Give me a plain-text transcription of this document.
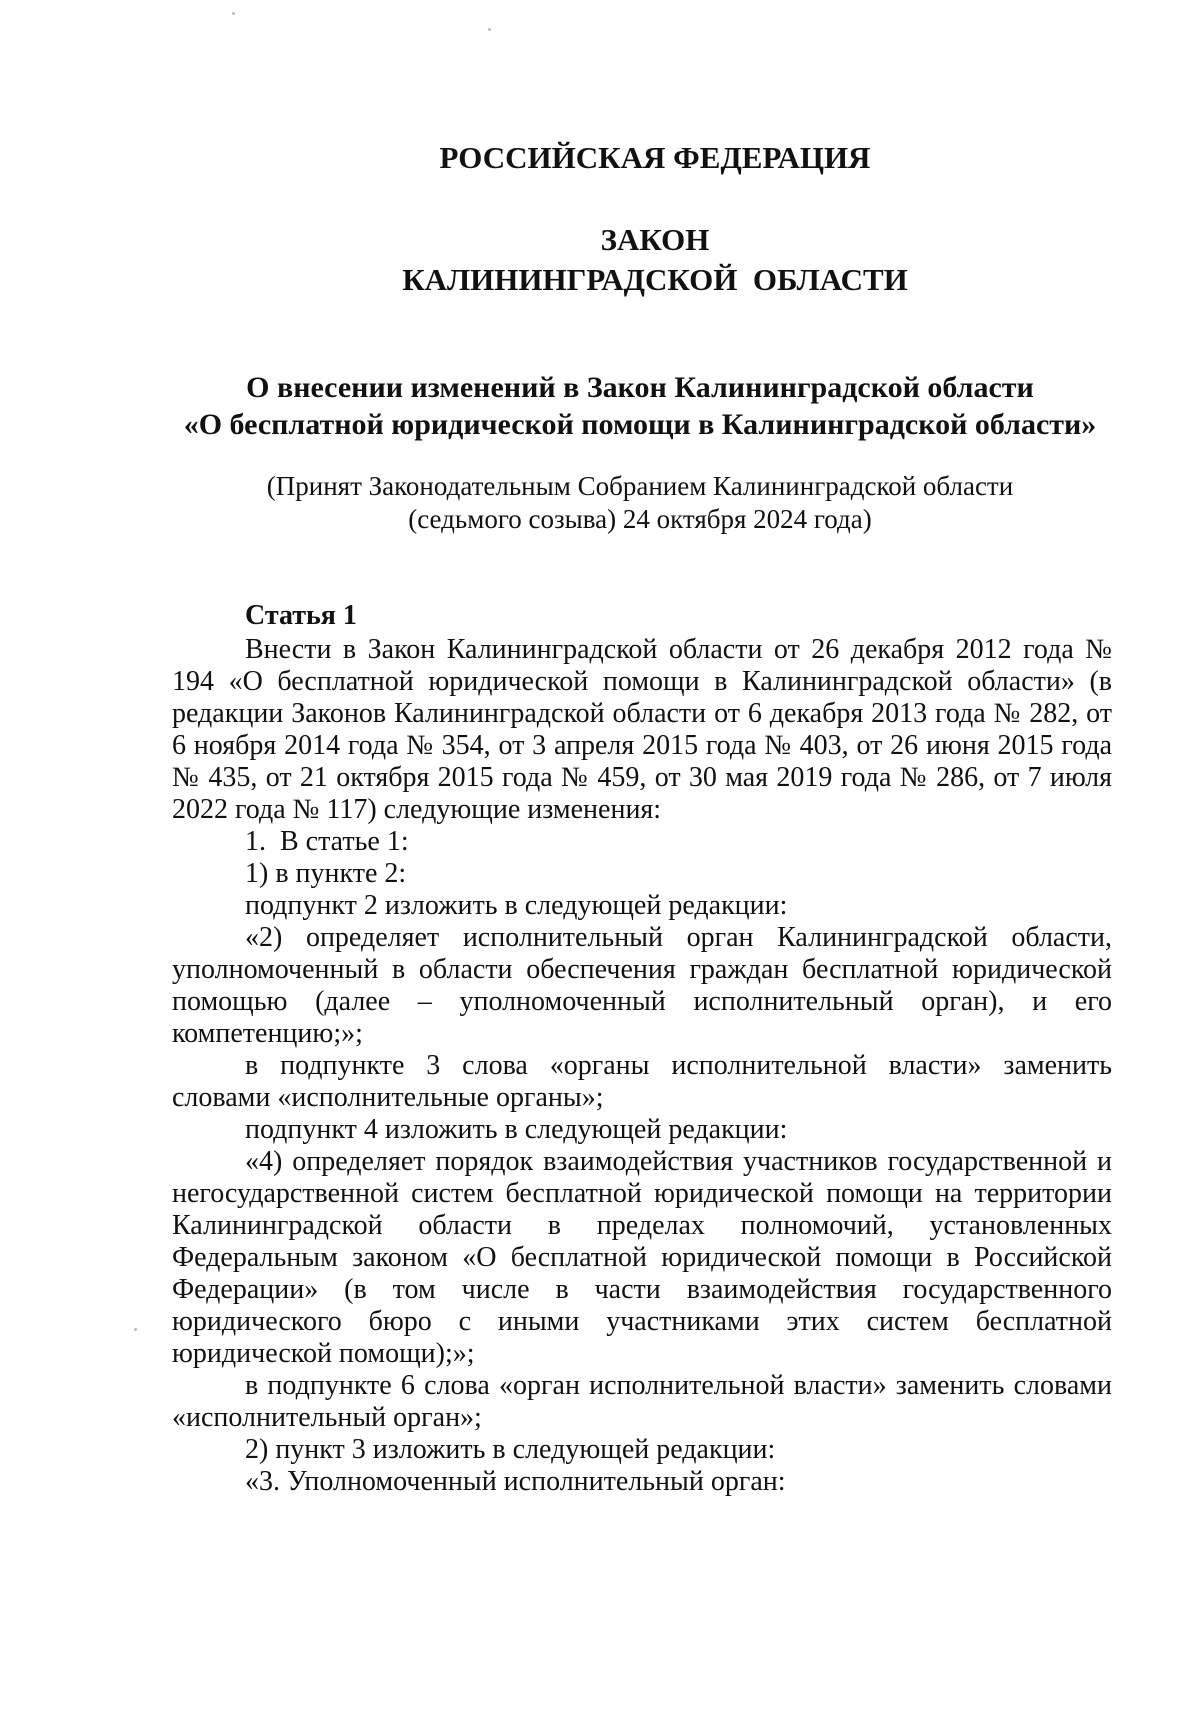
РОССИЙСКАЯ ФЕДЕРАЦИЯ
ЗАКОН
КАЛИНИНГРАДСКОЙ  ОБЛАСТИ
О внесении изменений в Закон Калининградской области
«О бесплатной юридической помощи в Калининградской области»
(Принят Законодательным Собранием Калининградской области
(седьмого созыва) 24 октября 2024 года)

Статья 1

Внести в Закон Калининградской области от 26 декабря 2012 года № 194 «О бесплатной юридической помощи в Калининградской области» (в редакции Законов Калининградской области от 6 декабря 2013 года № 282, от 6 ноября 2014 года № 354, от 3 апреля 2015 года № 403, от 26 июня 2015 года № 435, от 21 октября 2015 года № 459, от 30 мая 2019 года № 286, от 7 июля 2022 года № 117) следующие изменения:

1.  В статье 1:

1) в пункте 2:

подпункт 2 изложить в следующей редакции:

«2) определяет исполнительный орган Калининградской области, уполномоченный в области обеспечения граждан бесплатной юридической помощью (далее – уполномоченный исполнительный орган), и его компетенцию;»;

в подпункте 3 слова «органы исполнительной власти» заменить словами «исполнительные органы»;

подпункт 4 изложить в следующей редакции:

«4) определяет порядок взаимодействия участников государственной и негосударственной систем бесплатной юридической помощи на территории Калининградской области в пределах полномочий, установленных Федеральным законом «О бесплатной юридической помощи в Российской Федерации» (в том числе в части взаимодействия государственного юридического бюро с иными участниками этих систем бесплатной юридической помощи);»;

в подпункте 6 слова «орган исполнительной власти» заменить словами «исполнительный орган»;

2) пункт 3 изложить в следующей редакции:

«3. Уполномоченный исполнительный орган:
